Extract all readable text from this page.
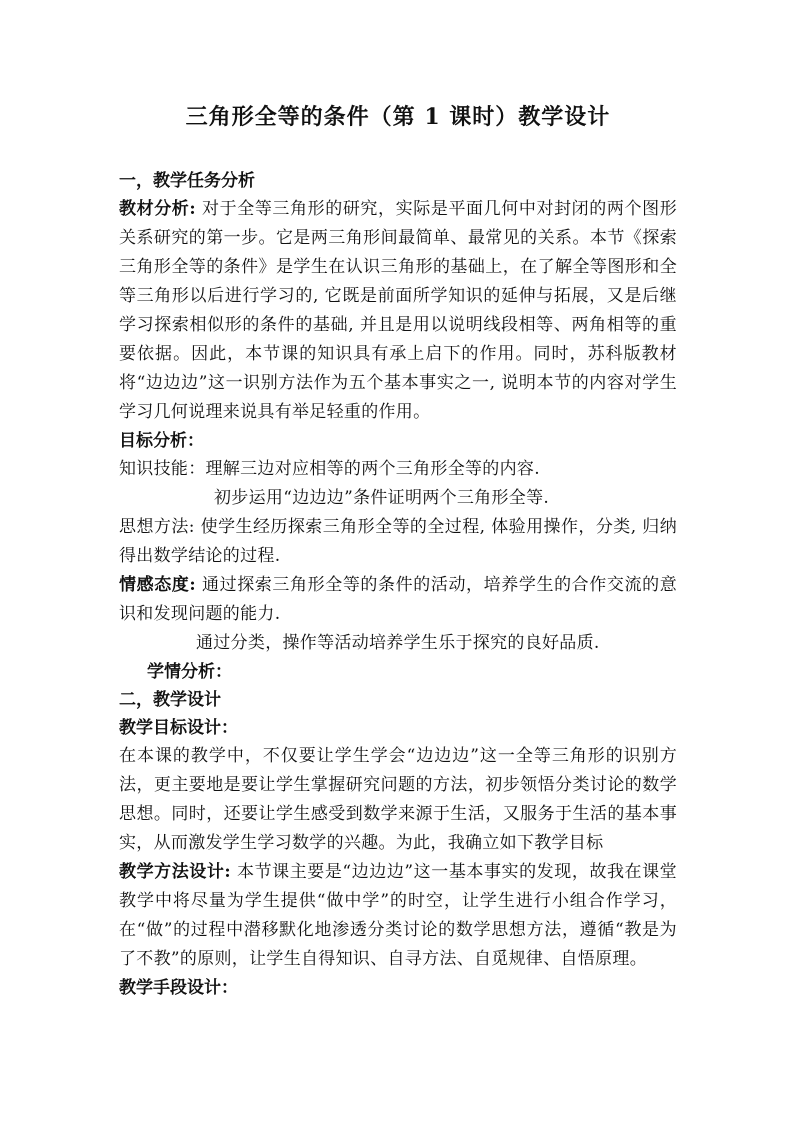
三角形全等的条件（第 1 课时）教学设计
一，教学任务分析

教材分析: 对于全等三角形的研究，实际是平面几何中对封闭的两个图形关系研究的第一步。它是两三角形间最简单、最常见的关系。本节《探索三角形全等的条件》是学生在认识三角形的基础上，在了解全等图形和全等三角形以后进行学习的, 它既是前面所学知识的延伸与拓展，又是后继学习探索相似形的条件的基础, 并且是用以说明线段相等、两角相等的重要依据。因此，本节课的知识具有承上启下的作用。同时，苏科版教材将“边边边”这一识别方法作为五个基本事实之一, 说明本节的内容对学生学习几何说理来说具有举足轻重的作用。

目标分析：

知识技能：理解三边对应相等的两个三角形全等的内容.

初步运用“边边边”条件证明两个三角形全等.

思想方法: 使学生经历探索三角形全等的全过程, 体验用操作，分类, 归纳得出数学结论的过程.

情感态度: 通过探索三角形全等的条件的活动，培养学生的合作交流的意识和发现问题的能力.

通过分类，操作等活动培养学生乐于探究的良好品质.

学情分析：
二，教学设计
教学目标设计：

在本课的教学中，不仅要让学生学会“边边边”这一全等三角形的识别方法，更主要地是要让学生掌握研究问题的方法，初步领悟分类讨论的数学思想。同时，还要让学生感受到数学来源于生活，又服务于生活的基本事实，从而激发学生学习数学的兴趣。为此，我确立如下教学目标

教学方法设计: 本节课主要是“边边边”这一基本事实的发现，故我在课堂教学中将尽量为学生提供“做中学”的时空，让学生进行小组合作学习，在“做”的过程中潜移默化地渗透分类讨论的数学思想方法，遵循“教是为了不教”的原则，让学生自得知识、自寻方法、自觅规律、自悟原理。

教学手段设计：
